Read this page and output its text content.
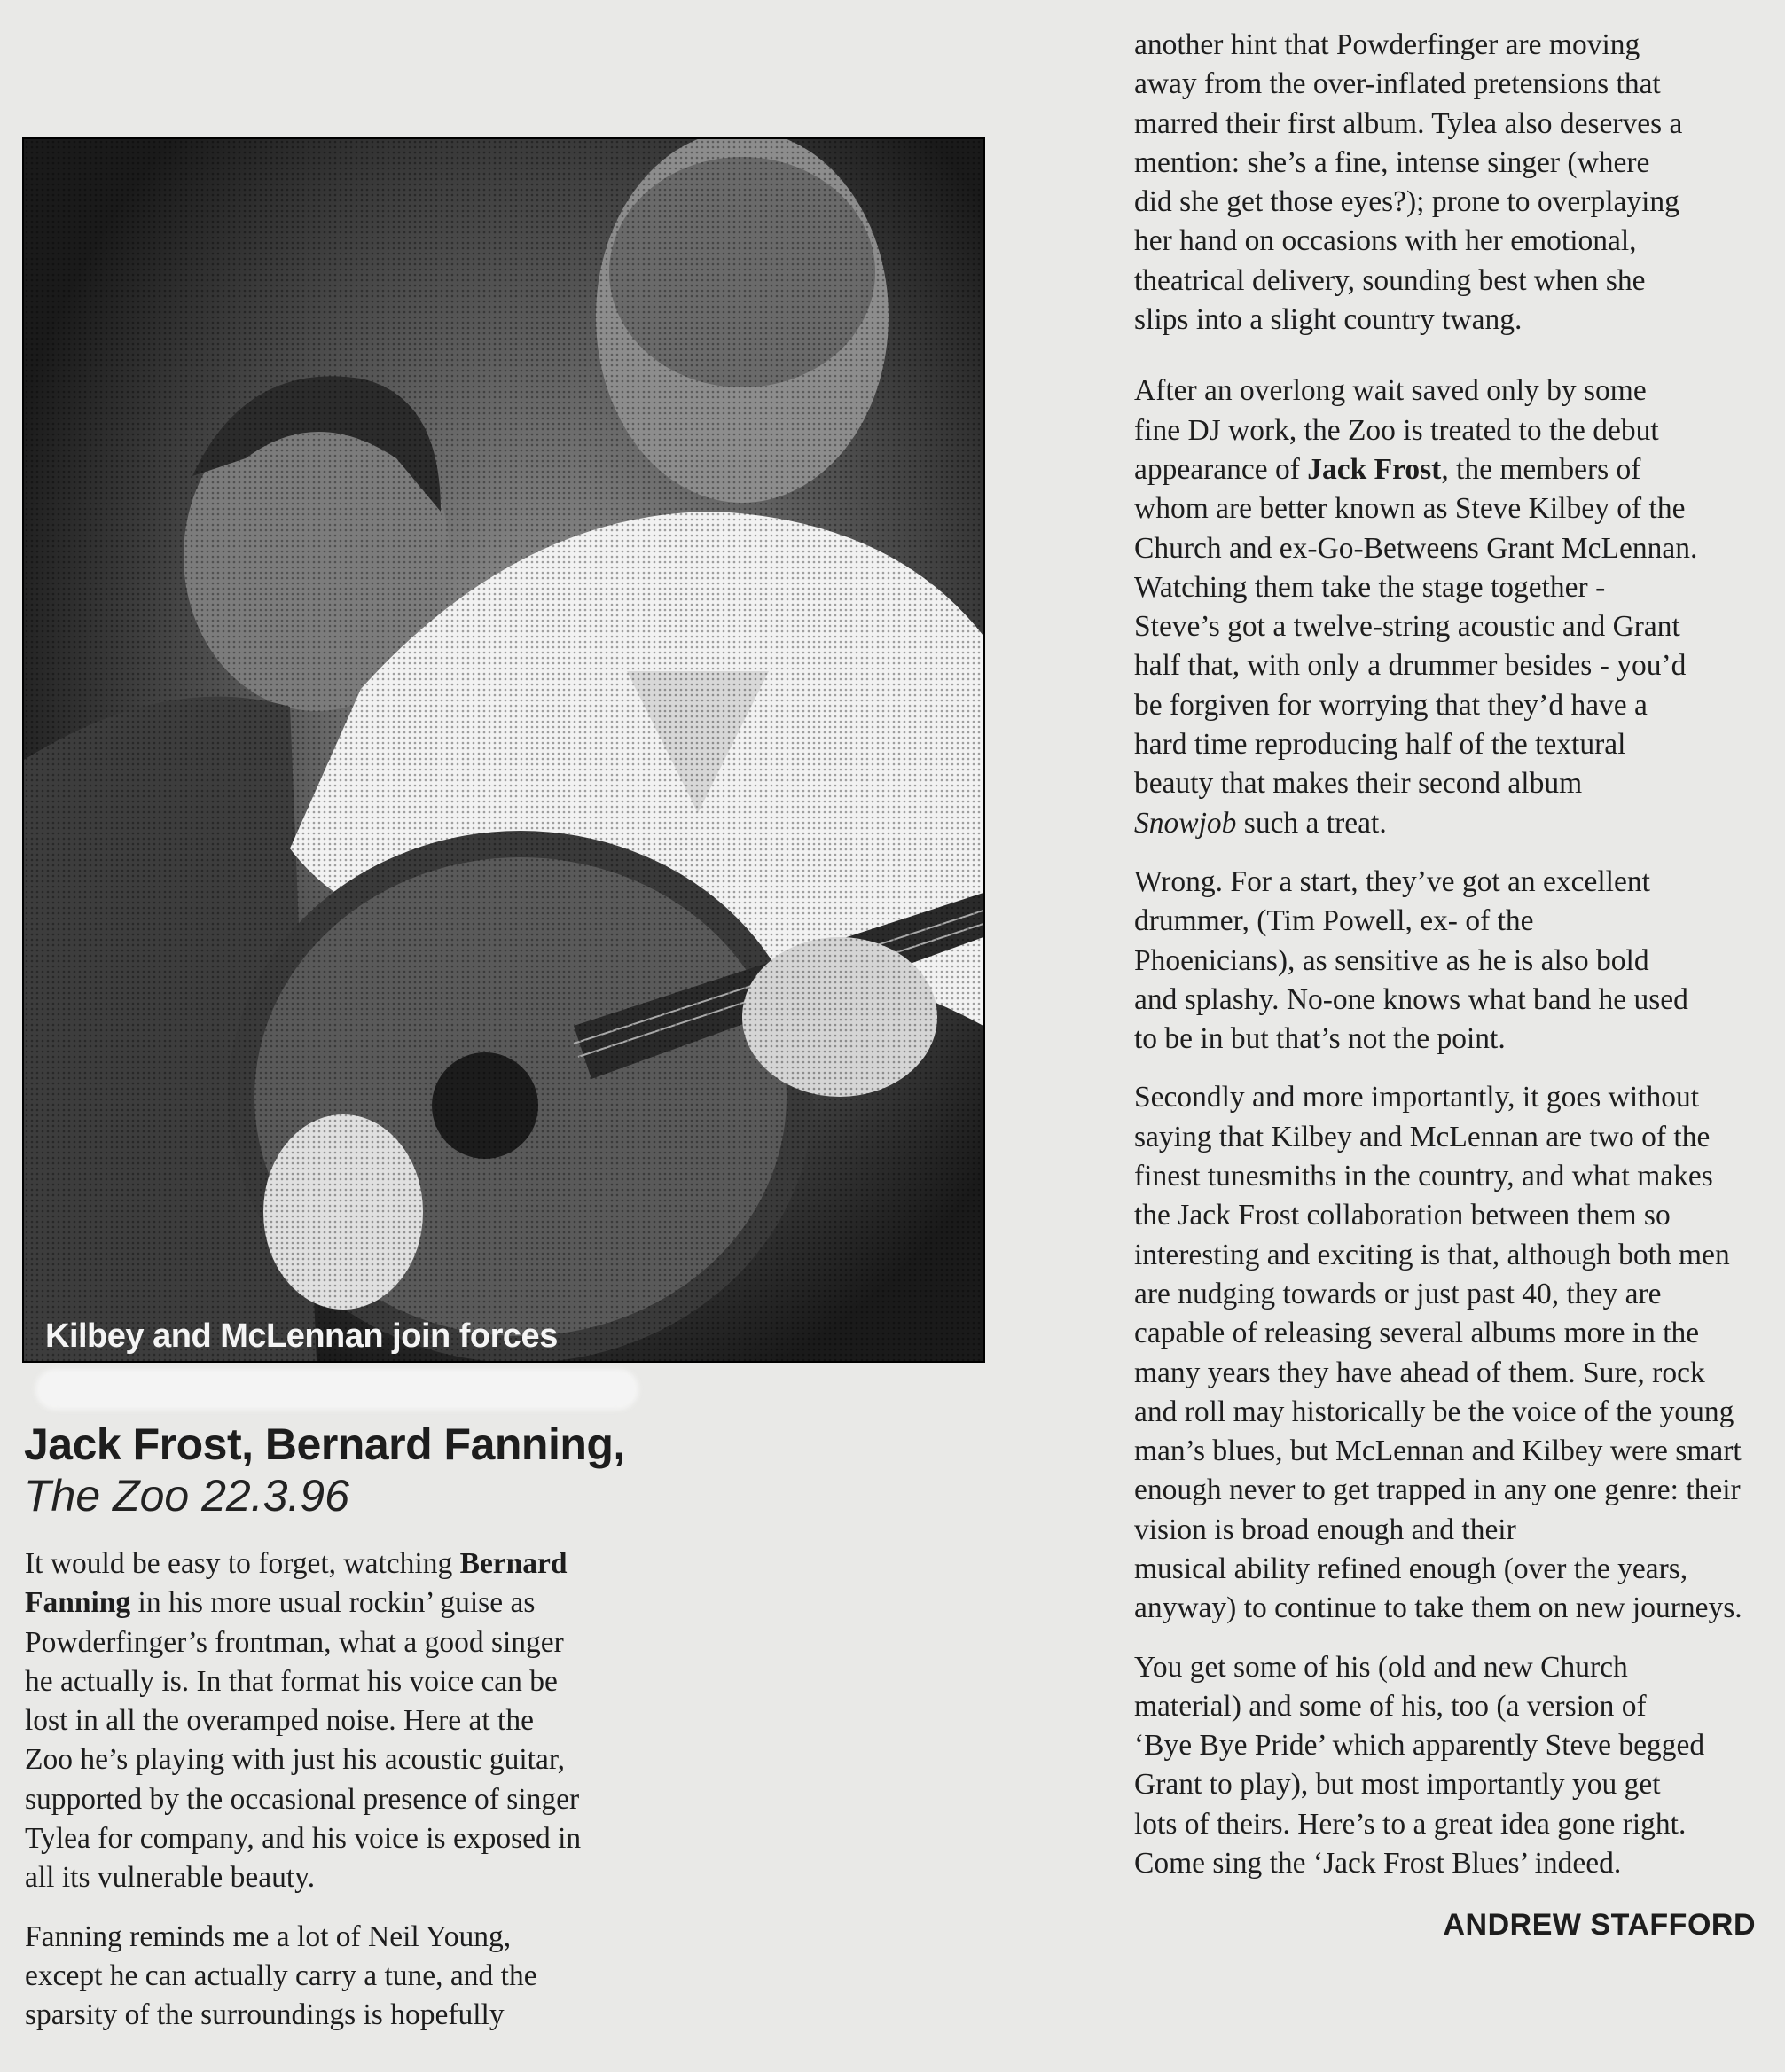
Kilbey and McLennan join forces
Jack Frost, Bernard Fanning,
The Zoo 22.3.96

It would be easy to forget, watching Bernard
Fanning in his more usual rockin’ guise as
Powderfinger’s frontman, what a good singer
he actually is. In that format his voice can be
lost in all the overamped noise. Here at the
Zoo he’s playing with just his acoustic guitar,
supported by the occasional presence of singer
Tylea for company, and his voice is exposed in
all its vulnerable beauty.

Fanning reminds me a lot of Neil Young,
except he can actually carry a tune, and the
sparsity of the surroundings is hopefully

another hint that Powderfinger are moving
away from the over-inflated pretensions that
marred their first album. Tylea also deserves a
mention: she’s a fine, intense singer (where
did she get those eyes?); prone to overplaying
her hand on occasions with her emotional,
theatrical delivery, sounding best when she
slips into a slight country twang.

After an overlong wait saved only by some
fine DJ work, the Zoo is treated to the debut
appearance of Jack Frost, the members of
whom are better known as Steve Kilbey of the
Church and ex-Go-Betweens Grant McLennan.
Watching them take the stage together -
Steve’s got a twelve-string acoustic and Grant
half that, with only a drummer besides - you’d
be forgiven for worrying that they’d have a
hard time reproducing half of the textural
beauty that makes their second album
Snowjob such a treat.

Wrong. For a start, they’ve got an excellent
drummer, (Tim Powell, ex- of the
Phoenicians), as sensitive as he is also bold
and splashy. No-one knows what band he used
to be in but that’s not the point.

Secondly and more importantly, it goes without
saying that Kilbey and McLennan are two of the
finest tunesmiths in the country, and what makes
the Jack Frost collaboration between them so
interesting and exciting is that, although both men
are nudging towards or just past 40, they are
capable of releasing several albums more in the
many years they have ahead of them. Sure, rock
and roll may historically be the voice of the young
man’s blues, but McLennan and Kilbey were smart
enough never to get trapped in any one genre: their
vision is broad enough and their
musical ability refined enough (over the years,
anyway) to continue to take them on new journeys.

You get some of his (old and new Church
material) and some of his, too (a version of
‘Bye Bye Pride’ which apparently Steve begged
Grant to play), but most importantly you get
lots of theirs. Here’s to a great idea gone right.
Come sing the ‘Jack Frost Blues’ indeed.

ANDREW STAFFORD
